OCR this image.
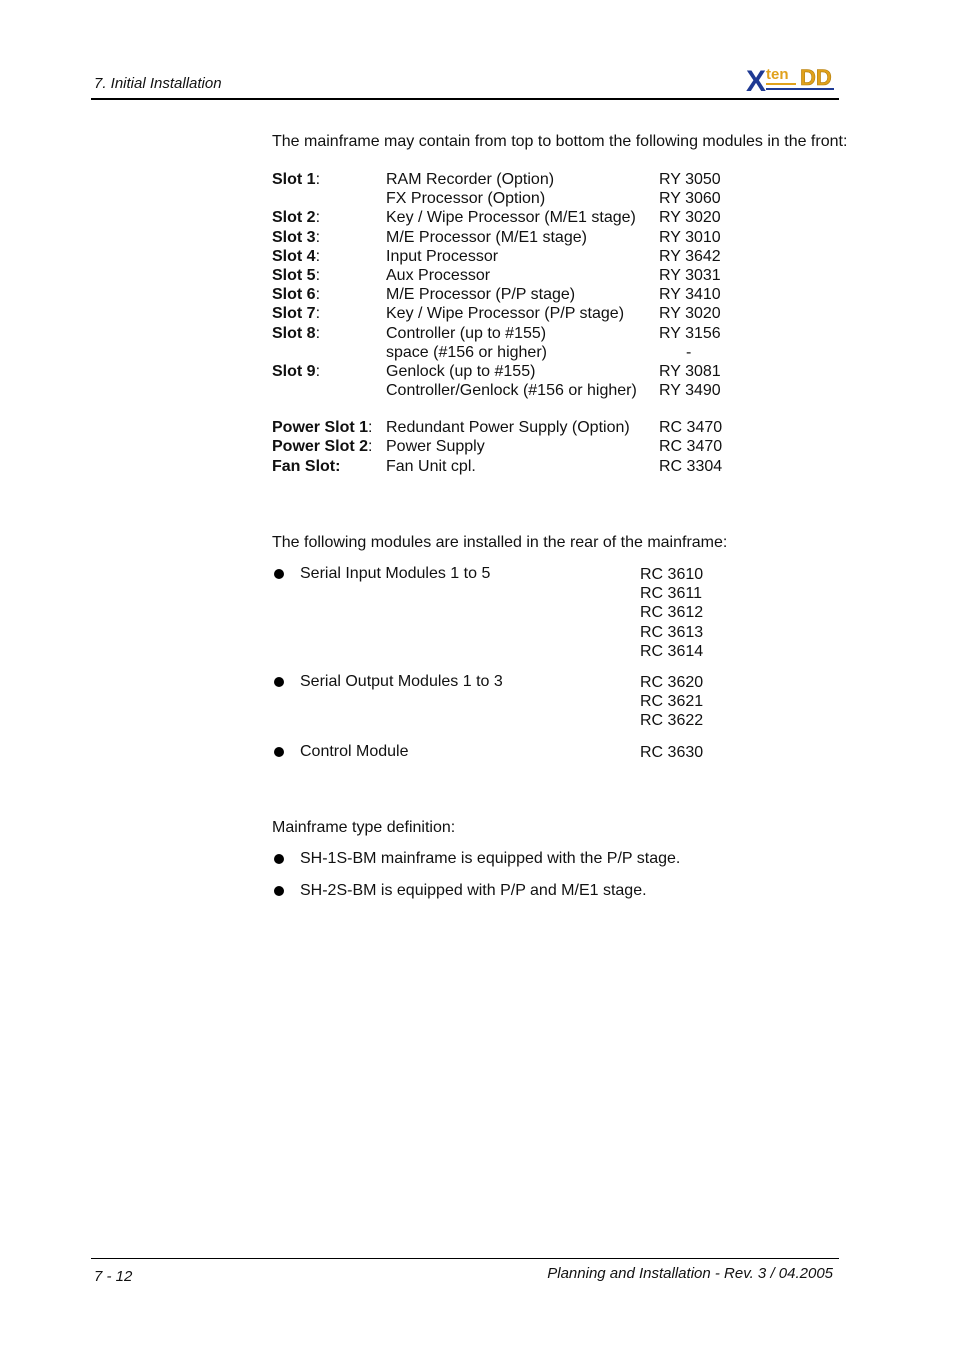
7. Initial Installation	X ten DD
The mainframe may contain from top to bottom the following modules in the front:
Slot 1:	RAM Recorder (Option)	RY 3050
FX Processor (Option)	RY 3060
Slot 2:	Key / Wipe Processor (M/E1 stage) RY 3020
Slot 3:	M/E Processor (M/E1 stage)	RY 3010
Slot 4:	Input Processor	RY 3642
Slot 5:	Aux Processor	RY 3031
Slot 6:	M/E Processor (P/P stage)	RY 3410
Slot 7:	Key / Wipe Processor (P/P stage) RY 3020
Slot 8:	Controller (up to #155)	RY 3156
space (#156 or higher)	-
Slot 9:	Genlock (up to #155)	RY 3081
Controller/Genlock (#156 or higher) RY 3490
Power Slot 1: Redundant Power Supply (Option) RC 3470
Power Slot 2: Power Supply	RC 3470
Fan Slot:	Fan Unit cpl.	RC 3304
The following modules are installed in the rear of the mainframe:
Serial Input Modules 1 to 5	RC 3610
RC 3611
RC 3612
RC 3613
RC 3614
Serial Output Modules 1 to 3	RC 3620
RC 3621
RC 3622
Control Module	RC 3630
Mainframe type definition:
SH-1S-BM mainframe is equipped with the P/P stage.
SH-2S-BM is equipped with P/P and M/E1 stage.
7 - 12	Planning and Installation - Rev. 3 / 04.2005
